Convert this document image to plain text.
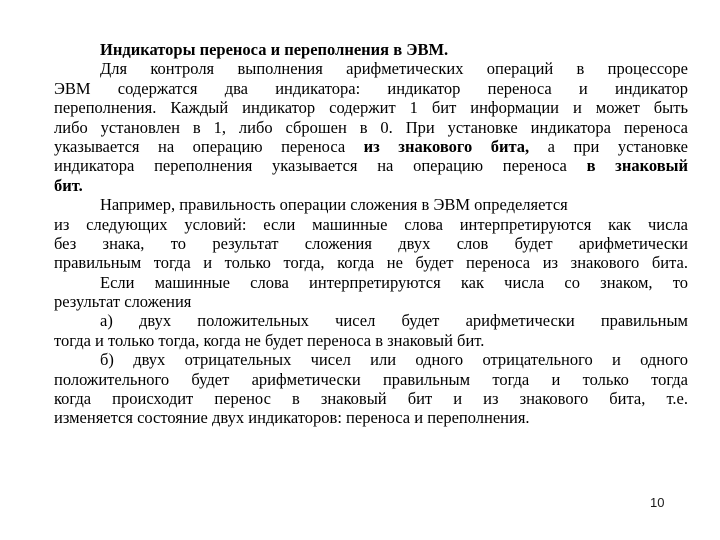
Индикаторы переноса и переполнения в ЭВМ.
Для контроля выполнения арифметических операций в процессоре
ЭВМ содержатся два индикатора: индикатор переноса и индикатор
переполнения. Каждый индикатор содержит 1 бит информации и может быть
либо установлен в 1, либо сброшен в 0. При установке индикатора переноса
указывается на операцию переноса из знакового бита, а при установке
индикатора переполнения указывается на операцию переноса в знаковый
бит.
Например, правильность операции сложения в ЭВМ определяется
из следующих условий: если машинные слова интерпретируются как числа
без знака, то результат сложения двух слов будет арифметически
правильным тогда и только тогда, когда не будет переноса из знакового бита.
Если машинные слова интерпретируются как числа со знаком, то
результат сложения
а) двух положительных чисел будет арифметически правильным
тогда и только тогда, когда не будет переноса в знаковый бит.
б) двух отрицательных чисел или одного отрицательного и одного
положительного будет арифметически правильным тогда и только тогда
когда происходит перенос в знаковый бит и из знакового бита, т.е.
изменяется состояние двух индикаторов: переноса и переполнения.
10
